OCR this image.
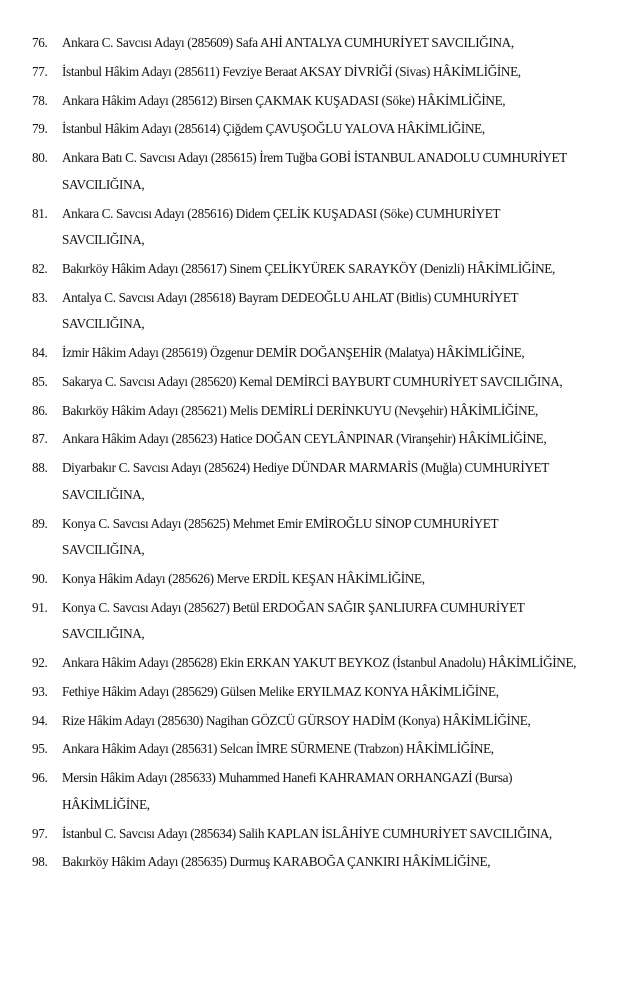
76.	Ankara C. Savcısı Adayı (285609) Safa AHİ ANTALYA CUMHURİYET SAVCILIĞINA,
77.	İstanbul Hâkim Adayı (285611) Fevziye Beraat AKSAY DİVRİĞİ (Sivas) HÂKİMLİĞİNE,
78.	Ankara Hâkim Adayı (285612) Birsen ÇAKMAK KUŞADASI (Söke) HÂKİMLİĞİNE,
79.	İstanbul Hâkim Adayı (285614) Çiğdem ÇAVUŞOĞLU YALOVA HÂKİMLİĞİNE,
80.	Ankara Batı C. Savcısı Adayı (285615) İrem Tuğba GOBİ İSTANBUL ANADOLU CUMHURİYET
SAVCILIĞINA,
81.	Ankara C. Savcısı Adayı (285616) Didem ÇELİK KUŞADASI (Söke) CUMHURİYET
SAVCILIĞINA,
82.	Bakırköy Hâkim Adayı (285617) Sinem ÇELİKYÜREK SARAYKÖY (Denizli) HÂKİMLİĞİNE,
83.	Antalya C. Savcısı Adayı (285618) Bayram DEDEOĞLU AHLAT (Bitlis) CUMHURİYET
SAVCILIĞINA,
84.	İzmir Hâkim Adayı (285619) Özgenur DEMİR DOĞANŞEHİR (Malatya) HÂKİMLİĞİNE,
85.	Sakarya C. Savcısı Adayı (285620) Kemal DEMİRCİ BAYBURT CUMHURİYET SAVCILIĞINA,
86.	Bakırköy Hâkim Adayı (285621) Melis DEMİRLİ DERİNKUYU (Nevşehir) HÂKİMLİĞİNE,
87.	Ankara Hâkim Adayı (285623) Hatice DOĞAN CEYLÂNPINAR (Viranşehir) HÂKİMLİĞİNE,
88.	Diyarbakır C. Savcısı Adayı (285624) Hediye DÜNDAR MARMARİS (Muğla) CUMHURİYET
SAVCILIĞINA,
89.	Konya C. Savcısı Adayı (285625) Mehmet Emir EMİROĞLU SİNOP CUMHURİYET
SAVCILIĞINA,
90.	Konya Hâkim Adayı (285626) Merve ERDİL KEŞAN HÂKİMLİĞİNE,
91.	Konya C. Savcısı Adayı (285627) Betül ERDOĞAN SAĞIR ŞANLIURFA CUMHURİYET
SAVCILIĞINA,
92.	Ankara Hâkim Adayı (285628) Ekin ERKAN YAKUT BEYKOZ (İstanbul Anadolu) HÂKİMLİĞİNE,
93.	Fethiye Hâkim Adayı (285629) Gülsen Melike ERYILMAZ KONYA HÂKİMLİĞİNE,
94.	Rize Hâkim Adayı (285630) Nagihan GÖZCÜ GÜRSOY HADİM (Konya) HÂKİMLİĞİNE,
95.	Ankara Hâkim Adayı (285631) Selcan İMRE SÜRMENE (Trabzon) HÂKİMLİĞİNE,
96.	Mersin Hâkim Adayı (285633) Muhammed Hanefi KAHRAMAN ORHANGAZİ (Bursa)
HÂKİMLİĞİNE,
97.	İstanbul C. Savcısı Adayı (285634) Salih KAPLAN İSLÂHİYE CUMHURİYET SAVCILIĞINA,
98.	Bakırköy Hâkim Adayı (285635) Durmuş KARABOĞA ÇANKIRI HÂKİMLİĞİNE,
